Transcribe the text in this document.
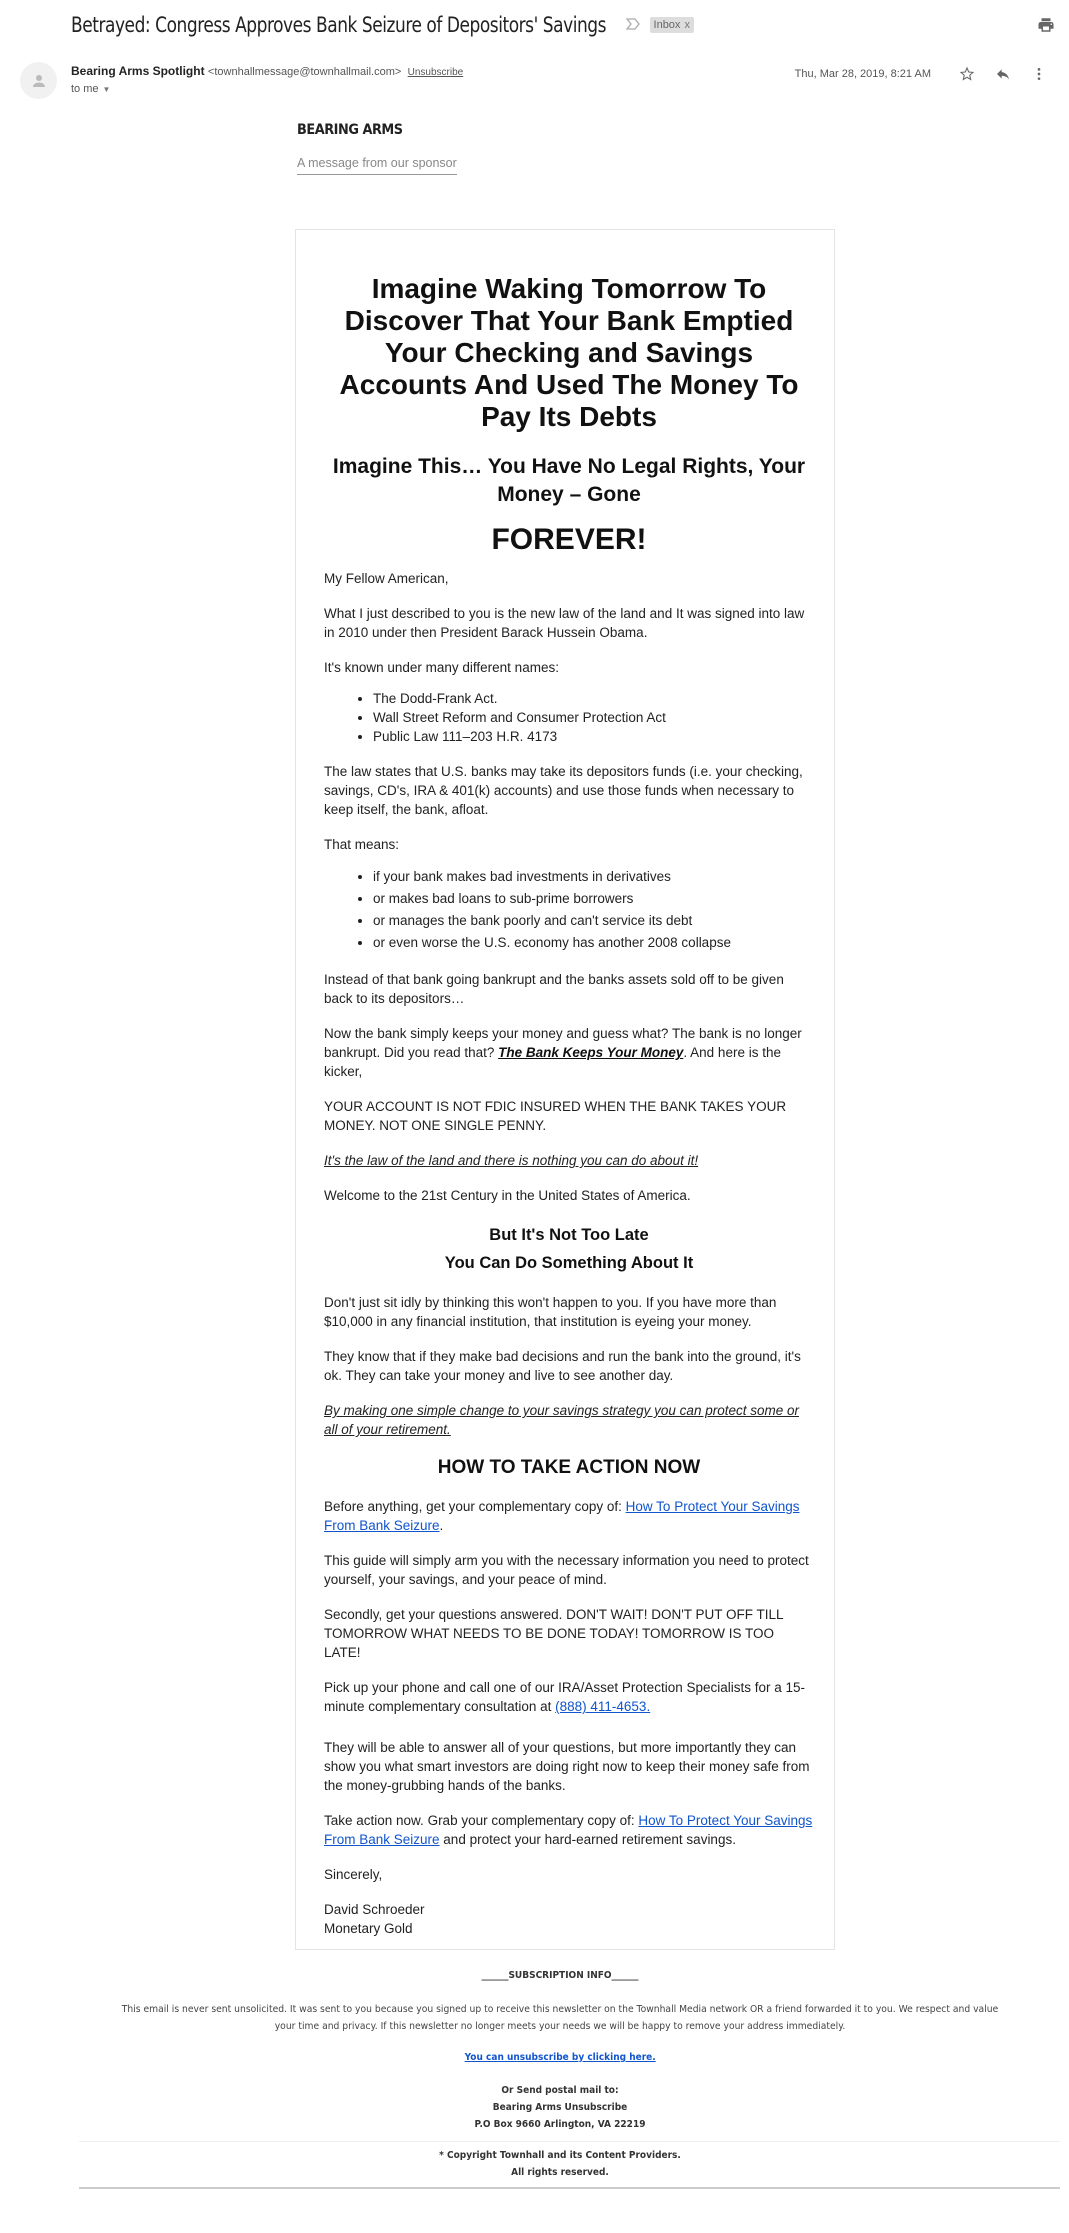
Betrayed: Congress Approves Bank Seizure of Depositors' Savings	Inbox x
Bearing Arms Spotlight <townhallmessage@townhallmail.com> Unsubscribe
to me ▼
Thu, Mar 28, 2019, 8:21 AM
BEARING ARMS
A message from our sponsor
Imagine Waking Tomorrow To Discover That Your Bank Emptied Your Checking and Savings Accounts And Used The Money To Pay Its Debts
Imagine This… You Have No Legal Rights, Your Money – Gone
FOREVER!
My Fellow American,
What I just described to you is the new law of the land and It was signed into law in 2010 under then President Barack Hussein Obama.
It's known under many different names:
• The Dodd-Frank Act.
• Wall Street Reform and Consumer Protection Act
• Public Law 111–203 H.R. 4173
The law states that U.S. banks may take its depositors funds (i.e. your checking, savings, CD's, IRA & 401(k) accounts) and use those funds when necessary to keep itself, the bank, afloat.
That means:
• if your bank makes bad investments in derivatives
• or makes bad loans to sub-prime borrowers
• or manages the bank poorly and can't service its debt
• or even worse the U.S. economy has another 2008 collapse
Instead of that bank going bankrupt and the banks assets sold off to be given back to its depositors…
Now the bank simply keeps your money and guess what? The bank is no longer bankrupt. Did you read that? The Bank Keeps Your Money. And here is the kicker,
YOUR ACCOUNT IS NOT FDIC INSURED WHEN THE BANK TAKES YOUR MONEY. NOT ONE SINGLE PENNY.
It's the law of the land and there is nothing you can do about it!
Welcome to the 21st Century in the United States of America.
But It's Not Too Late
You Can Do Something About It
Don't just sit idly by thinking this won't happen to you. If you have more than $10,000 in any financial institution, that institution is eyeing your money.
They know that if they make bad decisions and run the bank into the ground, it's ok. They can take your money and live to see another day.
By making one simple change to your savings strategy you can protect some or all of your retirement.
HOW TO TAKE ACTION NOW
Before anything, get your complementary copy of: How To Protect Your Savings From Bank Seizure.
This guide will simply arm you with the necessary information you need to protect yourself, your savings, and your peace of mind.
Secondly, get your questions answered. DON'T WAIT! DON'T PUT OFF TILL TOMORROW WHAT NEEDS TO BE DONE TODAY! TOMORROW IS TOO LATE!
Pick up your phone and call one of our IRA/Asset Protection Specialists for a 15-minute complementary consultation at (888) 411-4653.
They will be able to answer all of your questions, but more importantly they can show you what smart investors are doing right now to keep their money safe from the money-grubbing hands of the banks.
Take action now. Grab your complementary copy of: How To Protect Your Savings From Bank Seizure and protect your hard-earned retirement savings.
Sincerely,
David Schroeder
Monetary Gold
______SUBSCRIPTION INFO______
This email is never sent unsolicited. It was sent to you because you signed up to receive this newsletter on the Townhall Media network OR a friend forwarded it to you. We respect and value your time and privacy. If this newsletter no longer meets your needs we will be happy to remove your address immediately.
You can unsubscribe by clicking here.
Or Send postal mail to:
Bearing Arms Unsubscribe
P.O Box 9660 Arlington, VA 22219
* Copyright Townhall and its Content Providers.
All rights reserved.
